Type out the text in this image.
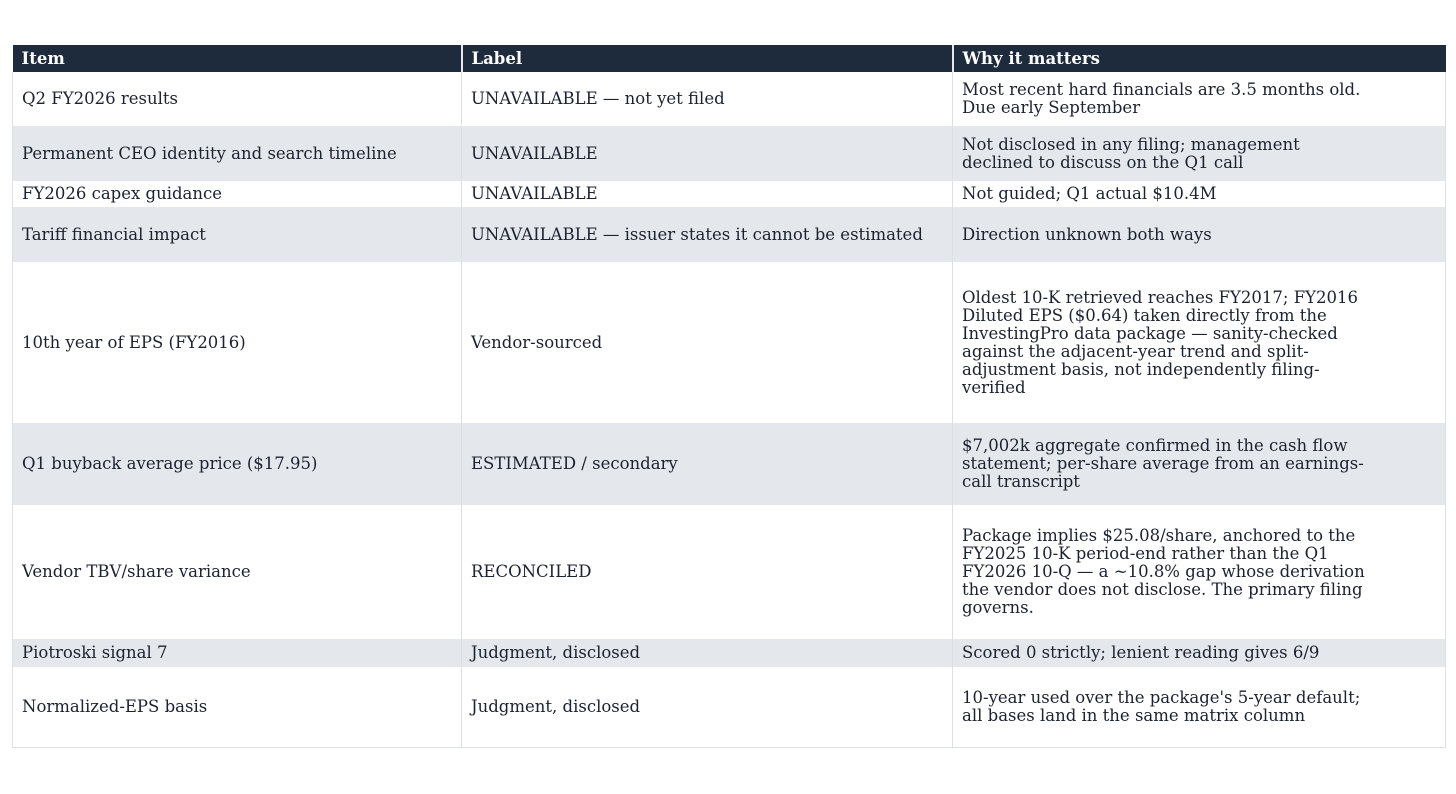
Item	Label	Why it matters
Q2 FY2026 results	UNAVAILABLE — not yet filed	Most recent hard financials are 3.5 months old. Due early September
Permanent CEO identity and search timeline	UNAVAILABLE	Not disclosed in any filing; management declined to discuss on the Q1 call
FY2026 capex guidance	UNAVAILABLE	Not guided; Q1 actual $10.4M
Tariff financial impact	UNAVAILABLE — issuer states it cannot be estimated	Direction unknown both ways
10th year of EPS (FY2016)	Vendor-sourced	Oldest 10-K retrieved reaches FY2017; FY2016 Diluted EPS ($0.64) taken directly from the InvestingPro data package — sanity-checked against the adjacent-year trend and split-adjustment basis, not independently filing-verified
Q1 buyback average price ($17.95)	ESTIMATED / secondary	$7,002k aggregate confirmed in the cash flow statement; per-share average from an earnings-call transcript
Vendor TBV/share variance	RECONCILED	Package implies $25.08/share, anchored to the FY2025 10-K period-end rather than the Q1 FY2026 10-Q — a ~10.8% gap whose derivation the vendor does not disclose. The primary filing governs.
Piotroski signal 7	Judgment, disclosed	Scored 0 strictly; lenient reading gives 6/9
Normalized-EPS basis	Judgment, disclosed	10-year used over the package's 5-year default; all bases land in the same matrix column
